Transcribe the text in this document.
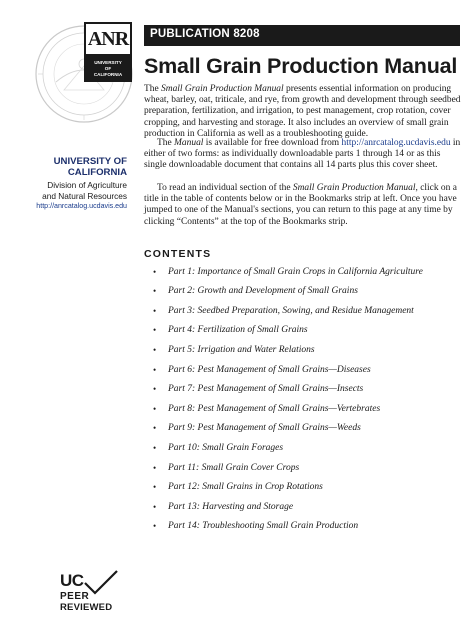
ANR
UNIVERSITY
OF
CALIFORNIA
PUBLICATION 8208
Small Grain Production Manual

The Small Grain Production Manual presents essential information on producing wheat, barley, oat, triticale, and rye, from growth and development through seedbed preparation, fertilization, and irrigation, to pest management, crop rotation, cover cropping, and harvesting and storage. It also includes an overview of small grain production in California as well as a troubleshooting guide.

The Manual is available for free download from http://anrcatalog.ucdavis.edu in either of two forms: as individually downloadable parts 1 through 14 or as this single downloadable document that contains all 14 parts plus this cover sheet.

To read an individual section of the Small Grain Production Manual, click on a title in the table of contents below or in the Bookmarks strip at left. Once you have jumped to one of the Manual's sections, you can return to this page at any time by clicking “Contents” at the top of the Bookmarks strip.

UNIVERSITY OF
CALIFORNIA
Division of Agriculture
and Natural Resources
http://anrcatalog.ucdavis.edu
CONTENTS
• Part 1: Importance of Small Grain Crops in California Agriculture
• Part 2: Growth and Development of Small Grains
• Part 3: Seedbed Preparation, Sowing, and Residue Management
• Part 4: Fertilization of Small Grains
• Part 5: Irrigation and Water Relations
• Part 6: Pest Management of Small Grains—Diseases
• Part 7: Pest Management of Small Grains—Insects
• Part 8: Pest Management of Small Grains—Vertebrates
• Part 9: Pest Management of Small Grains—Weeds
• Part 10: Small Grain Forages
• Part 11: Small Grain Cover Crops
• Part 12: Small Grains in Crop Rotations
• Part 13: Harvesting and Storage
• Part 14: Troubleshooting Small Grain Production
UC
PEER
REVIEWED
